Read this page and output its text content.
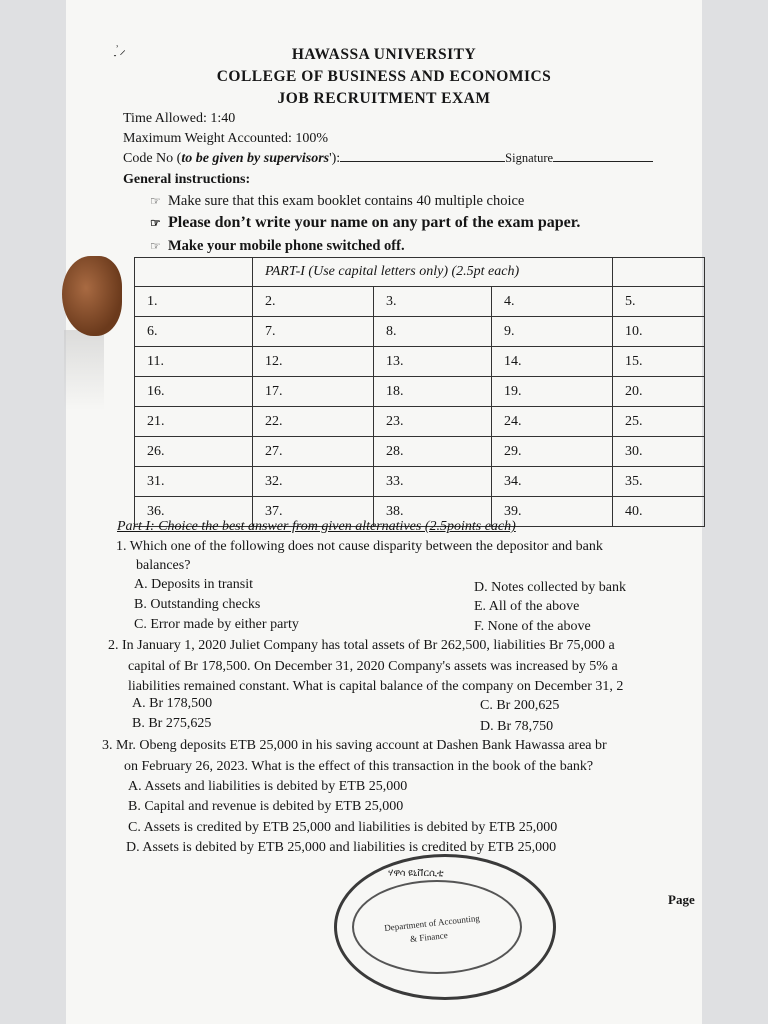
ָʾ⸝	HAWASSA UNIVERSITY
COLLEGE OF BUSINESS AND ECONOMICS
JOB RECRUITMENT EXAM
Time Allowed: 1:40
Maximum Weight Accounted: 100%
Code No (to be given by supervisors'):	Signature
General instructions:
☞ Make sure that this exam booklet contains 40 multiple choice
☞ Please don’t write your name on any part of the exam paper.
☞ Make your mobile phone switched off.
	PART-I (Use capital letters only) (2.5pt each)			
1.	2.	3.	4.	5.
6.	7.	8.	9.	10.
11.	12.	13.	14.	15.
16.	17.	18.	19.	20.
21.	22.	23.	24.	25.
26.	27.	28.	29.	30.
31.	32.	33.	34.	35.
36.	37.	38.	39.	40.
Part I: Choice the best answer from given alternatives (2.5points each)
1. Which one of the following does not cause disparity between the depositor and bank
balances?
A. Deposits in transit	D. Notes collected by bank
B. Outstanding checks	E. All of the above
C. Error made by either party	F. None of the above
2. In January 1, 2020 Juliet Company has total assets of Br 262,500, liabilities Br 75,000 a
capital of Br 178,500. On December 31, 2020 Company's assets was increased by 5% a
liabilities remained constant. What is capital balance of the company on December 31, 2
A. Br 178,500	C. Br 200,625
B. Br 275,625	D. Br 78,750
3. Mr. Obeng deposits ETB 25,000 in his saving account at Dashen Bank Hawassa area br
on February 26, 2023. What is the effect of this transaction in the book of the bank?
A. Assets and liabilities is debited by ETB 25,000
B. Capital and revenue is debited by ETB 25,000
C. Assets is credited by ETB 25,000 and liabilities is debited by ETB 25,000
D. Assets is debited by ETB 25,000 and liabilities is credited by ETB 25,000
ሃዋሳ ዩኒቨርሲቲ
Department of Accounting
& Finance
Page
